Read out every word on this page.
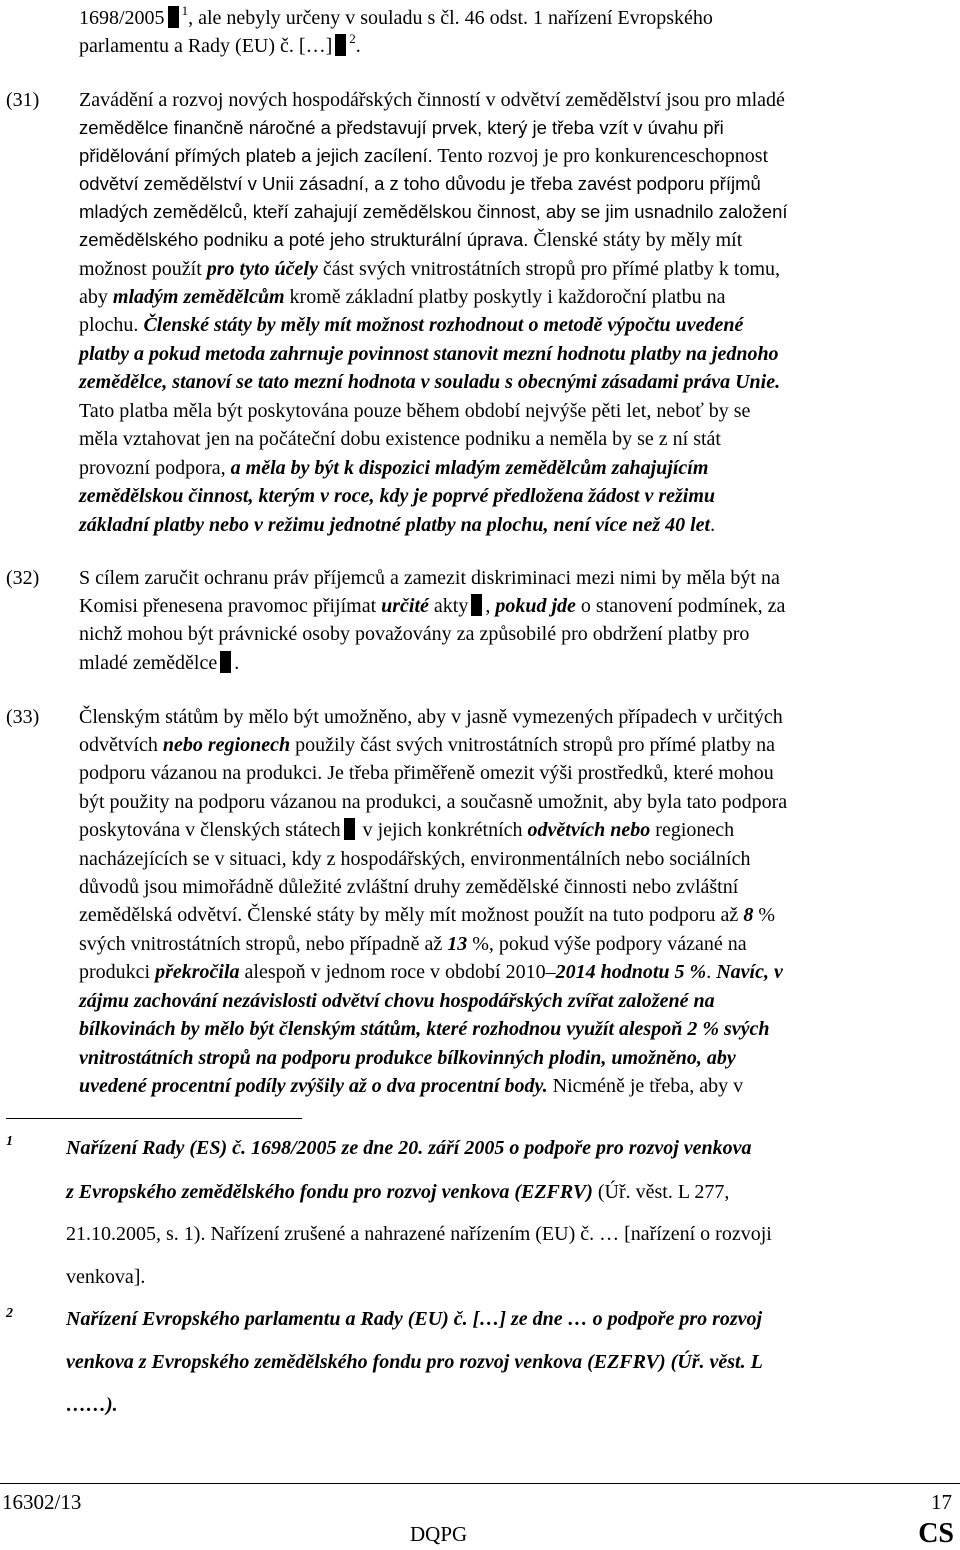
1698/2005 $^1$, ale nebyly určeny v souladu s čl. 46 odst. 1 nařízení Evropského
parlamentu a Rady (EU) č. […] $^2$.
(31) Zavádění a rozvoj nových hospodářských činností v odvětví zemědělství jsou pro mladé
zemědělce finančně náročné a představují prvek, který je třeba vzít v úvahu při
přidělování přímých plateb a jejich zacílení. Tento rozvoj je pro konkurenceschopnost
odvětví zemědělství v Unii zásadní, a z toho důvodu je třeba zavést podporu příjmů
mladých zemědělců, kteří zahajují zemědělskou činnost, aby se jim usnadnilo založení
zemědělského podniku a poté jeho strukturální úprava. Členské státy by měly mít
možnost použít pro tyto účely část svých vnitrostátních stropů pro přímé platby k tomu,
aby mladým zemědělcům kromě základní platby poskytly i každoroční platbu na
plochu. Členské státy by měly mít možnost rozhodnout o metodě výpočtu uvedené
platby a pokud metoda zahrnuje povinnost stanovit mezní hodnotu platby na jednoho
zemědělce, stanoví se tato mezní hodnota v souladu s obecnými zásadami práva Unie.
Tato platba měla být poskytována pouze během období nejvýše pěti let, neboť by se
měla vztahovat jen na počáteční dobu existence podniku a neměla by se z ní stát
provozní podpora, a měla by být k dispozici mladým zemědělcům zahajujícím
zemědělskou činnost, kterým v roce, kdy je poprvé předložena žádost v režimu
základní platby nebo v režimu jednotné platby na plochu, není více než 40 let.
(32) S cílem zaručit ochranu práv příjemců a zamezit diskriminaci mezi nimi by měla být na
Komisi přenesena pravomoc přijímat určité akty , pokud jde o stanovení podmínek, za
nichž mohou být právnické osoby považovány za způsobilé pro obdržení platby pro
mladé zemědělce .
(33) Členským státům by mělo být umožněno, aby v jasně vymezených případech v určitých
odvětvích nebo regionech použily část svých vnitrostátních stropů pro přímé platby na
podporu vázanou na produkci. Je třeba přiměřeně omezit výši prostředků, které mohou
být použity na podporu vázanou na produkci, a současně umožnit, aby byla tato podpora
poskytována v členských státech v jejich konkrétních odvětvích nebo regionech
nacházejících se v situaci, kdy z hospodářských, environmentálních nebo sociálních
důvodů jsou mimořádně důležité zvláštní druhy zemědělské činnosti nebo zvláštní
zemědělská odvětví. Členské státy by měly mít možnost použít na tuto podporu až 8 %
svých vnitrostátních stropů, nebo případně až 13 %, pokud výše podpory vázané na
produkci překročila alespoň v jednom roce v období 2010–2014 hodnotu 5 %. Navíc, v
zájmu zachování nezávislosti odvětví chovu hospodářských zvířat založené na
bílkovinách by mělo být členským státům, které rozhodnou využít alespoň 2 % svých
vnitrostátních stropů na podporu produkce bílkovinných plodin, umožněno, aby
uvedené procentní podíly zvýšily až o dva procentní body. Nicméně je třeba, aby v
1	Nařízení Rady (ES) č. 1698/2005 ze dne 20. září 2005 o podpoře pro rozvoj venkova
z Evropského zemědělského fondu pro rozvoj venkova (EZFRV) (Úř. věst. L 277,
21.10.2005, s. 1). Nařízení zrušené a nahrazené nařízením (EU) č. … [nařízení o rozvoji
venkova].
2	Nařízení Evropského parlamentu a Rady (EU) č. […] ze dne … o podpoře pro rozvoj
venkova z Evropského zemědělského fondu pro rozvoj venkova (EZFRV) (Úř. věst. L
……).
16302/13	17
DQPG	CS
